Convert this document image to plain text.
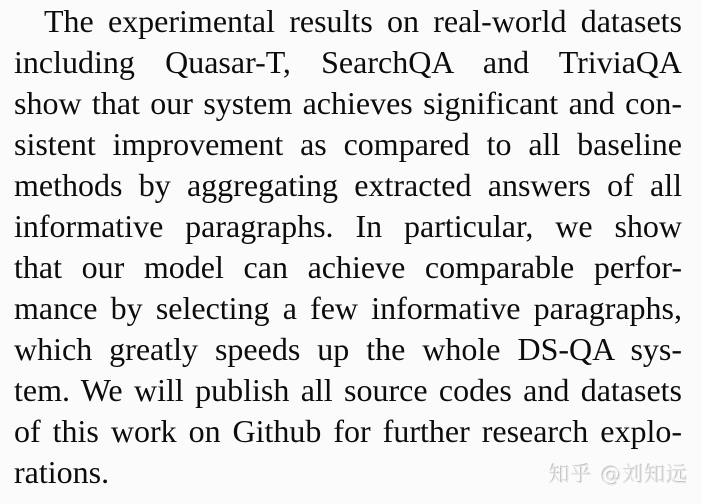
The experimental results on real-world datasets
including Quasar-T, SearchQA and TriviaQA
show that our system achieves significant and con-
sistent improvement as compared to all baseline
methods by aggregating extracted answers of all
informative paragraphs. In particular, we show
that our model can achieve comparable perfor-
mance by selecting a few informative paragraphs,
which greatly speeds up the whole DS-QA sys-
tem. We will publish all source codes and datasets
of this work on Github for further research explo-
rations.	知乎 @刘知远
